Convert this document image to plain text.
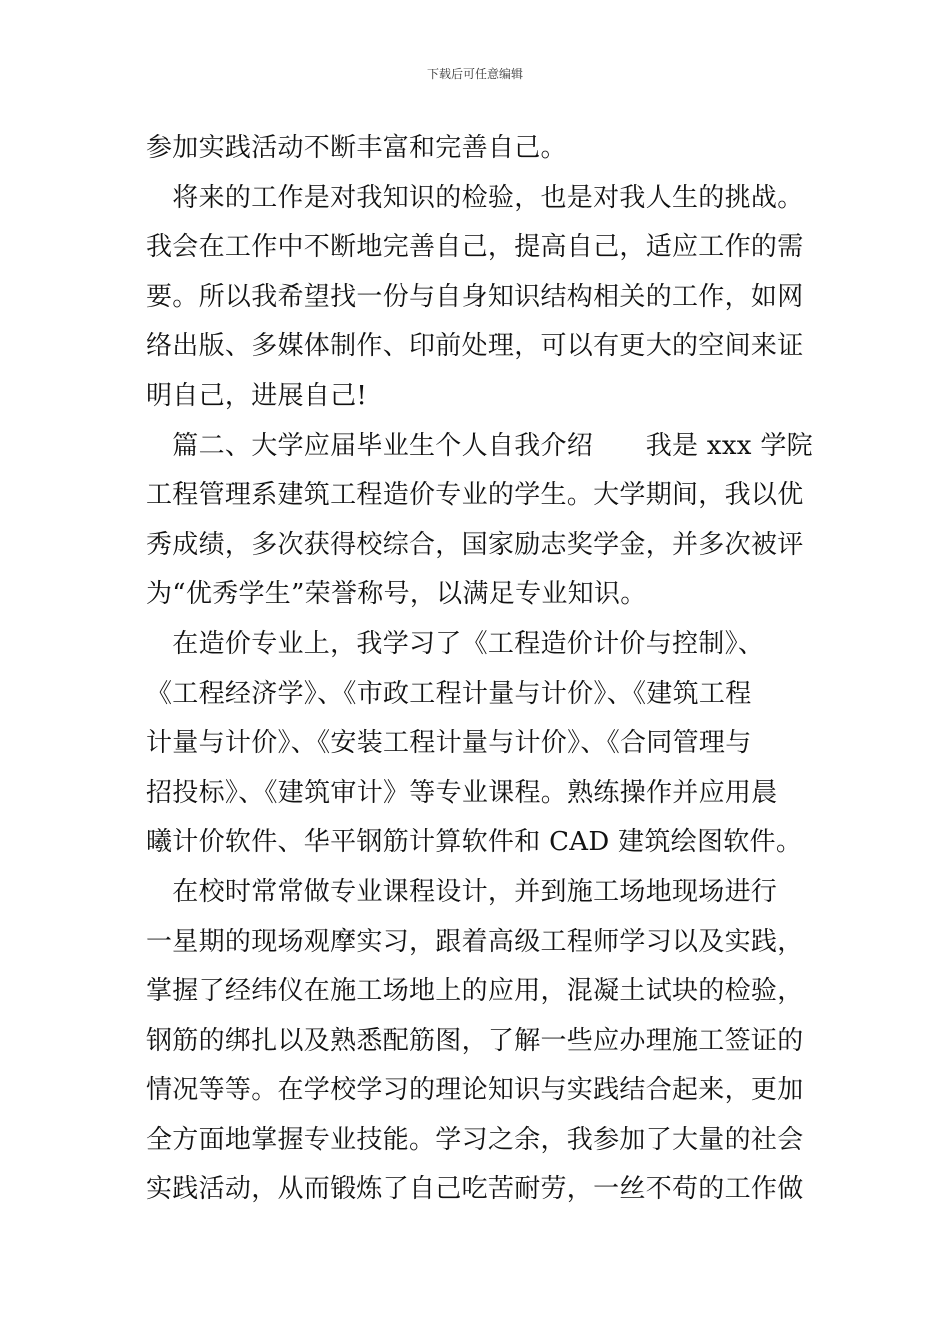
下载后可任意编辑
参加实践活动不断丰富和完善自己。
　将来的工作是对我知识的检验，也是对我人生的挑战。
我会在工作中不断地完善自己，提高自己，适应工作的需
要。所以我希望找一份与自身知识结构相关的工作，如网
络出版、多媒体制作、印前处理，可以有更大的空间来证
明自己，进展自己!
　篇二、大学应届毕业生个人自我介绍　　我是 xxx 学院
工程管理系建筑工程造价专业的学生。大学期间，我以优
秀成绩，多次获得校综合，国家励志奖学金，并多次被评
为“优秀学生”荣誉称号，以满足专业知识。
　在造价专业上，我学习了《工程造价计价与控制》、
《工程经济学》、《市政工程计量与计价》、《建筑工程
计量与计价》、《安装工程计量与计价》、《合同管理与
招投标》、《建筑审计》等专业课程。熟练操作并应用晨
曦计价软件、华平钢筋计算软件和 CAD 建筑绘图软件。
　在校时常常做专业课程设计，并到施工场地现场进行
一星期的现场观摩实习，跟着高级工程师学习以及实践，
掌握了经纬仪在施工场地上的应用，混凝土试块的检验，
钢筋的绑扎以及熟悉配筋图，了解一些应办理施工签证的
情况等等。在学校学习的理论知识与实践结合起来，更加
全方面地掌握专业技能。学习之余，我参加了大量的社会
实践活动，从而锻炼了自己吃苦耐劳，一丝不苟的工作做
